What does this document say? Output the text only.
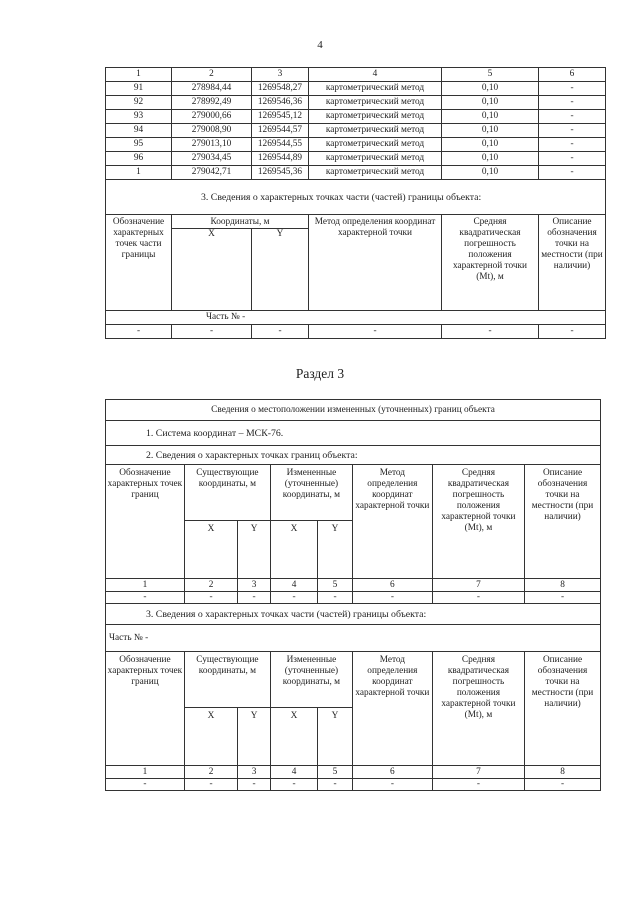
4
1	2	3	4	5	6
91	278984,44	1269548,27	картометрический метод	0,10	-
92	278992,49	1269546,36	картометрический метод	0,10	-
93	279000,66	1269545,12	картометрический метод	0,10	-
94	279008,90	1269544,57	картометрический метод	0,10	-
95	279013,10	1269544,55	картометрический метод	0,10	-
96	279034,45	1269544,89	картометрический метод	0,10	-
1	279042,71	1269545,36	картометрический метод	0,10	-
3. Сведения о характерных точках части (частей) границы объекта:					
Обозначение характерных точек части границы	Координаты, м		Метод определения координат характерной точки	Средняя квадратическая погрешность положения характерной точки (Mt), м	Описание обозначения точки на местности (при наличии)
	X	Y			
Часть № -					
-	-	-	-	-	-
Раздел 3
Сведения о местоположении измененных (уточненных) границ объекта							
1. Система координат – МСК-76.							
2. Сведения о характерных точках границ объекта:							
Обозначение характерных точек границ	Существующие координаты, м		Измененные (уточненные) координаты, м		Метод определения координат характерной точки	Средняя квадратическая погрешность положения характерной точки (Mt), м	Описание обозначения точки на местности (при наличии)
	X	Y	X	Y			
1	2	3	4	5	6	7	8
-	-	-	-	-	-	-	-
3. Сведения о характерных точках части (частей) границы объекта:							
Часть № -							
Обозначение характерных точек границ	Существующие координаты, м		Измененные (уточненные) координаты, м		Метод определения координат характерной точки	Средняя квадратическая погрешность положения характерной точки (Mt), м	Описание обозначения точки на местности (при наличии)
	X	Y	X	Y			
1	2	3	4	5	6	7	8
-	-	-	-	-	-	-	-
